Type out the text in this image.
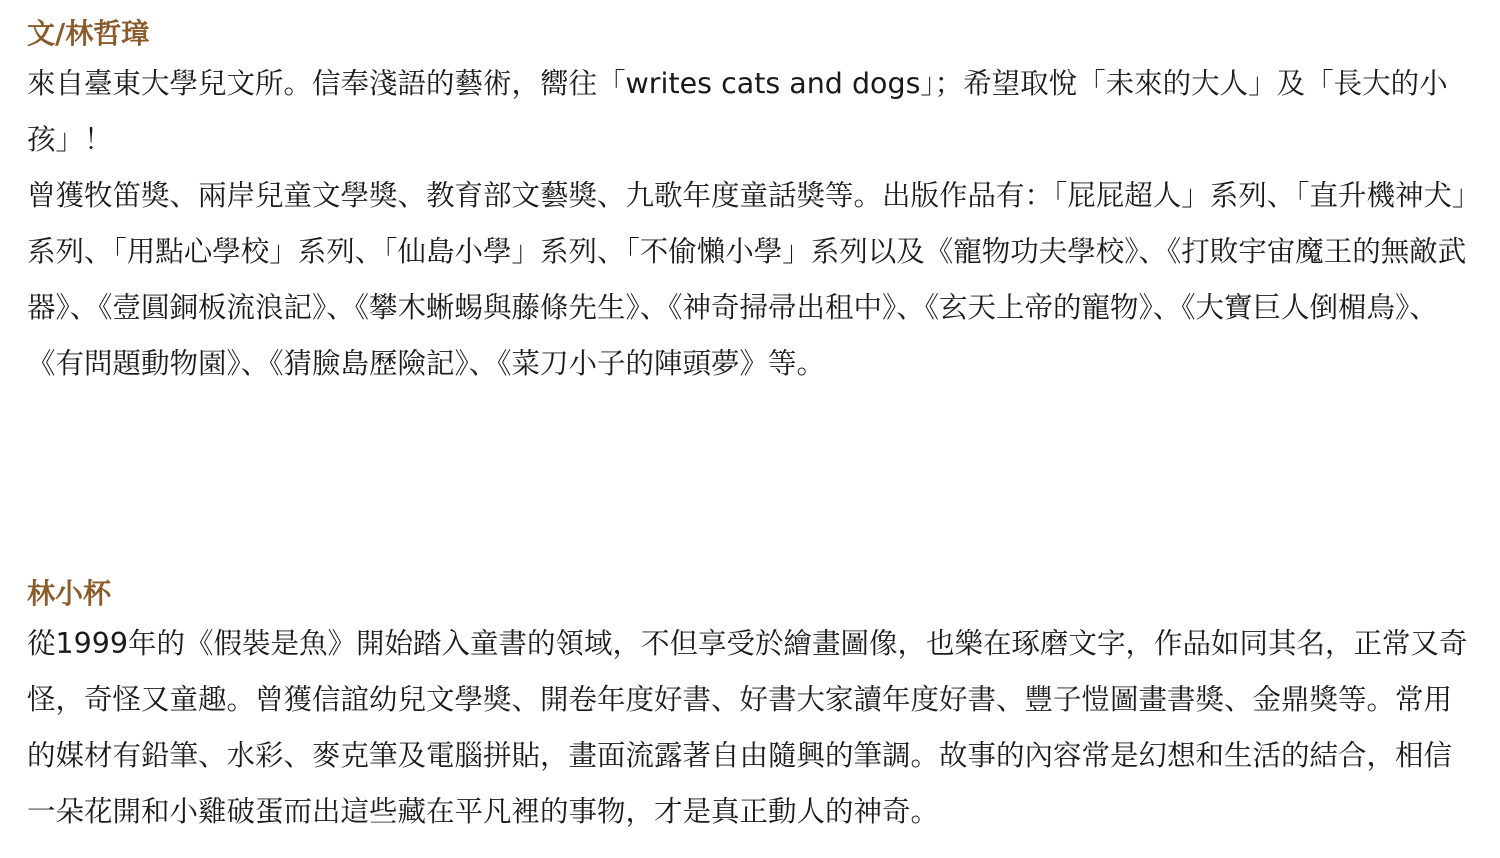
文/林哲璋

來自臺東大學兒文所。信奉淺語的藝術，嚮往「writes cats and dogs」；希望取悅「未來的大人」及「長大的小孩」！

曾獲牧笛獎、兩岸兒童文學獎、教育部文藝獎、九歌年度童話獎等。出版作品有：「屁屁超人」系列、「直升機神犬」系列、「用點心學校」系列、「仙島小學」系列、「不偷懶小學」系列以及《寵物功夫學校》、《打敗宇宙魔王的無敵武器》、《壹圓銅板流浪記》、《攀木蜥蜴與藤條先生》、《神奇掃帚出租中》、《玄天上帝的寵物》、《大寶巨人倒楣鳥》、《有問題動物園》、《猜臉島歷險記》、《菜刀小子的陣頭夢》等。

林小杯

從1999年的《假裝是魚》開始踏入童書的領域，不但享受於繪畫圖像，也樂在琢磨文字，作品如同其名，正常又奇怪，奇怪又童趣。曾獲信誼幼兒文學獎、開卷年度好書、好書大家讀年度好書、豐子愷圖畫書獎、金鼎獎等。常用的媒材有鉛筆、水彩、麥克筆及電腦拼貼，畫面流露著自由隨興的筆調。故事的內容常是幻想和生活的結合，相信一朵花開和小雞破蛋而出這些藏在平凡裡的事物，才是真正動人的神奇。
